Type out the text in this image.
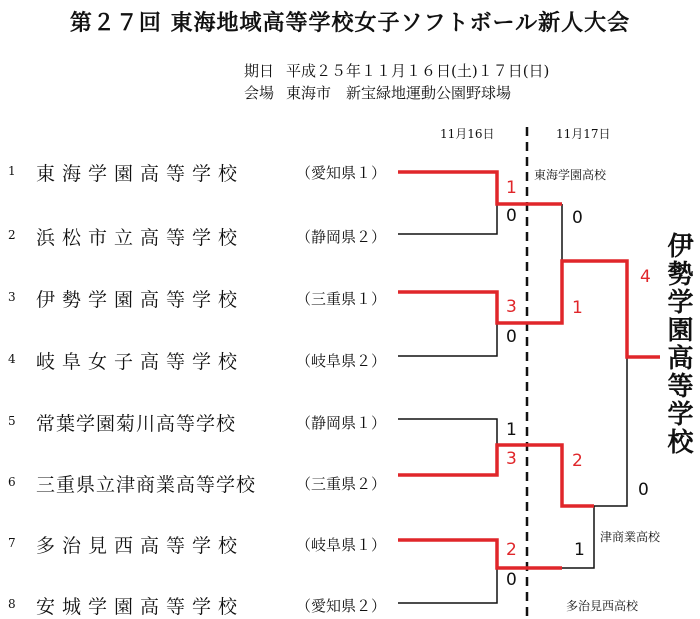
第２７回 東海地域高等学校女子ソフトボール新人大会
期日 平成２５年１１月１６日(土)１７日(日)
会場 東海市　新宝緑地運動公園野球場
11月16日	11月17日
1 東海学園高等学校	（愛知県１）
2 浜松市立高等学校	（静岡県２）
3 伊勢学園高等学校	（三重県１）
4 岐阜女子高等学校	（岐阜県２）
5 常葉学園菊川高等学校	（静岡県１）
6 三重県立津商業高等学校	（三重県２）
7 多治見西高等学校	（岐阜県１）
8 安城学園高等学校	（愛知県２）
1
0
3
0
1
3
2
0
0
1
2
1
4
0
東海学園高校
津商業高校
多治見西高校
伊勢学園高等学校
